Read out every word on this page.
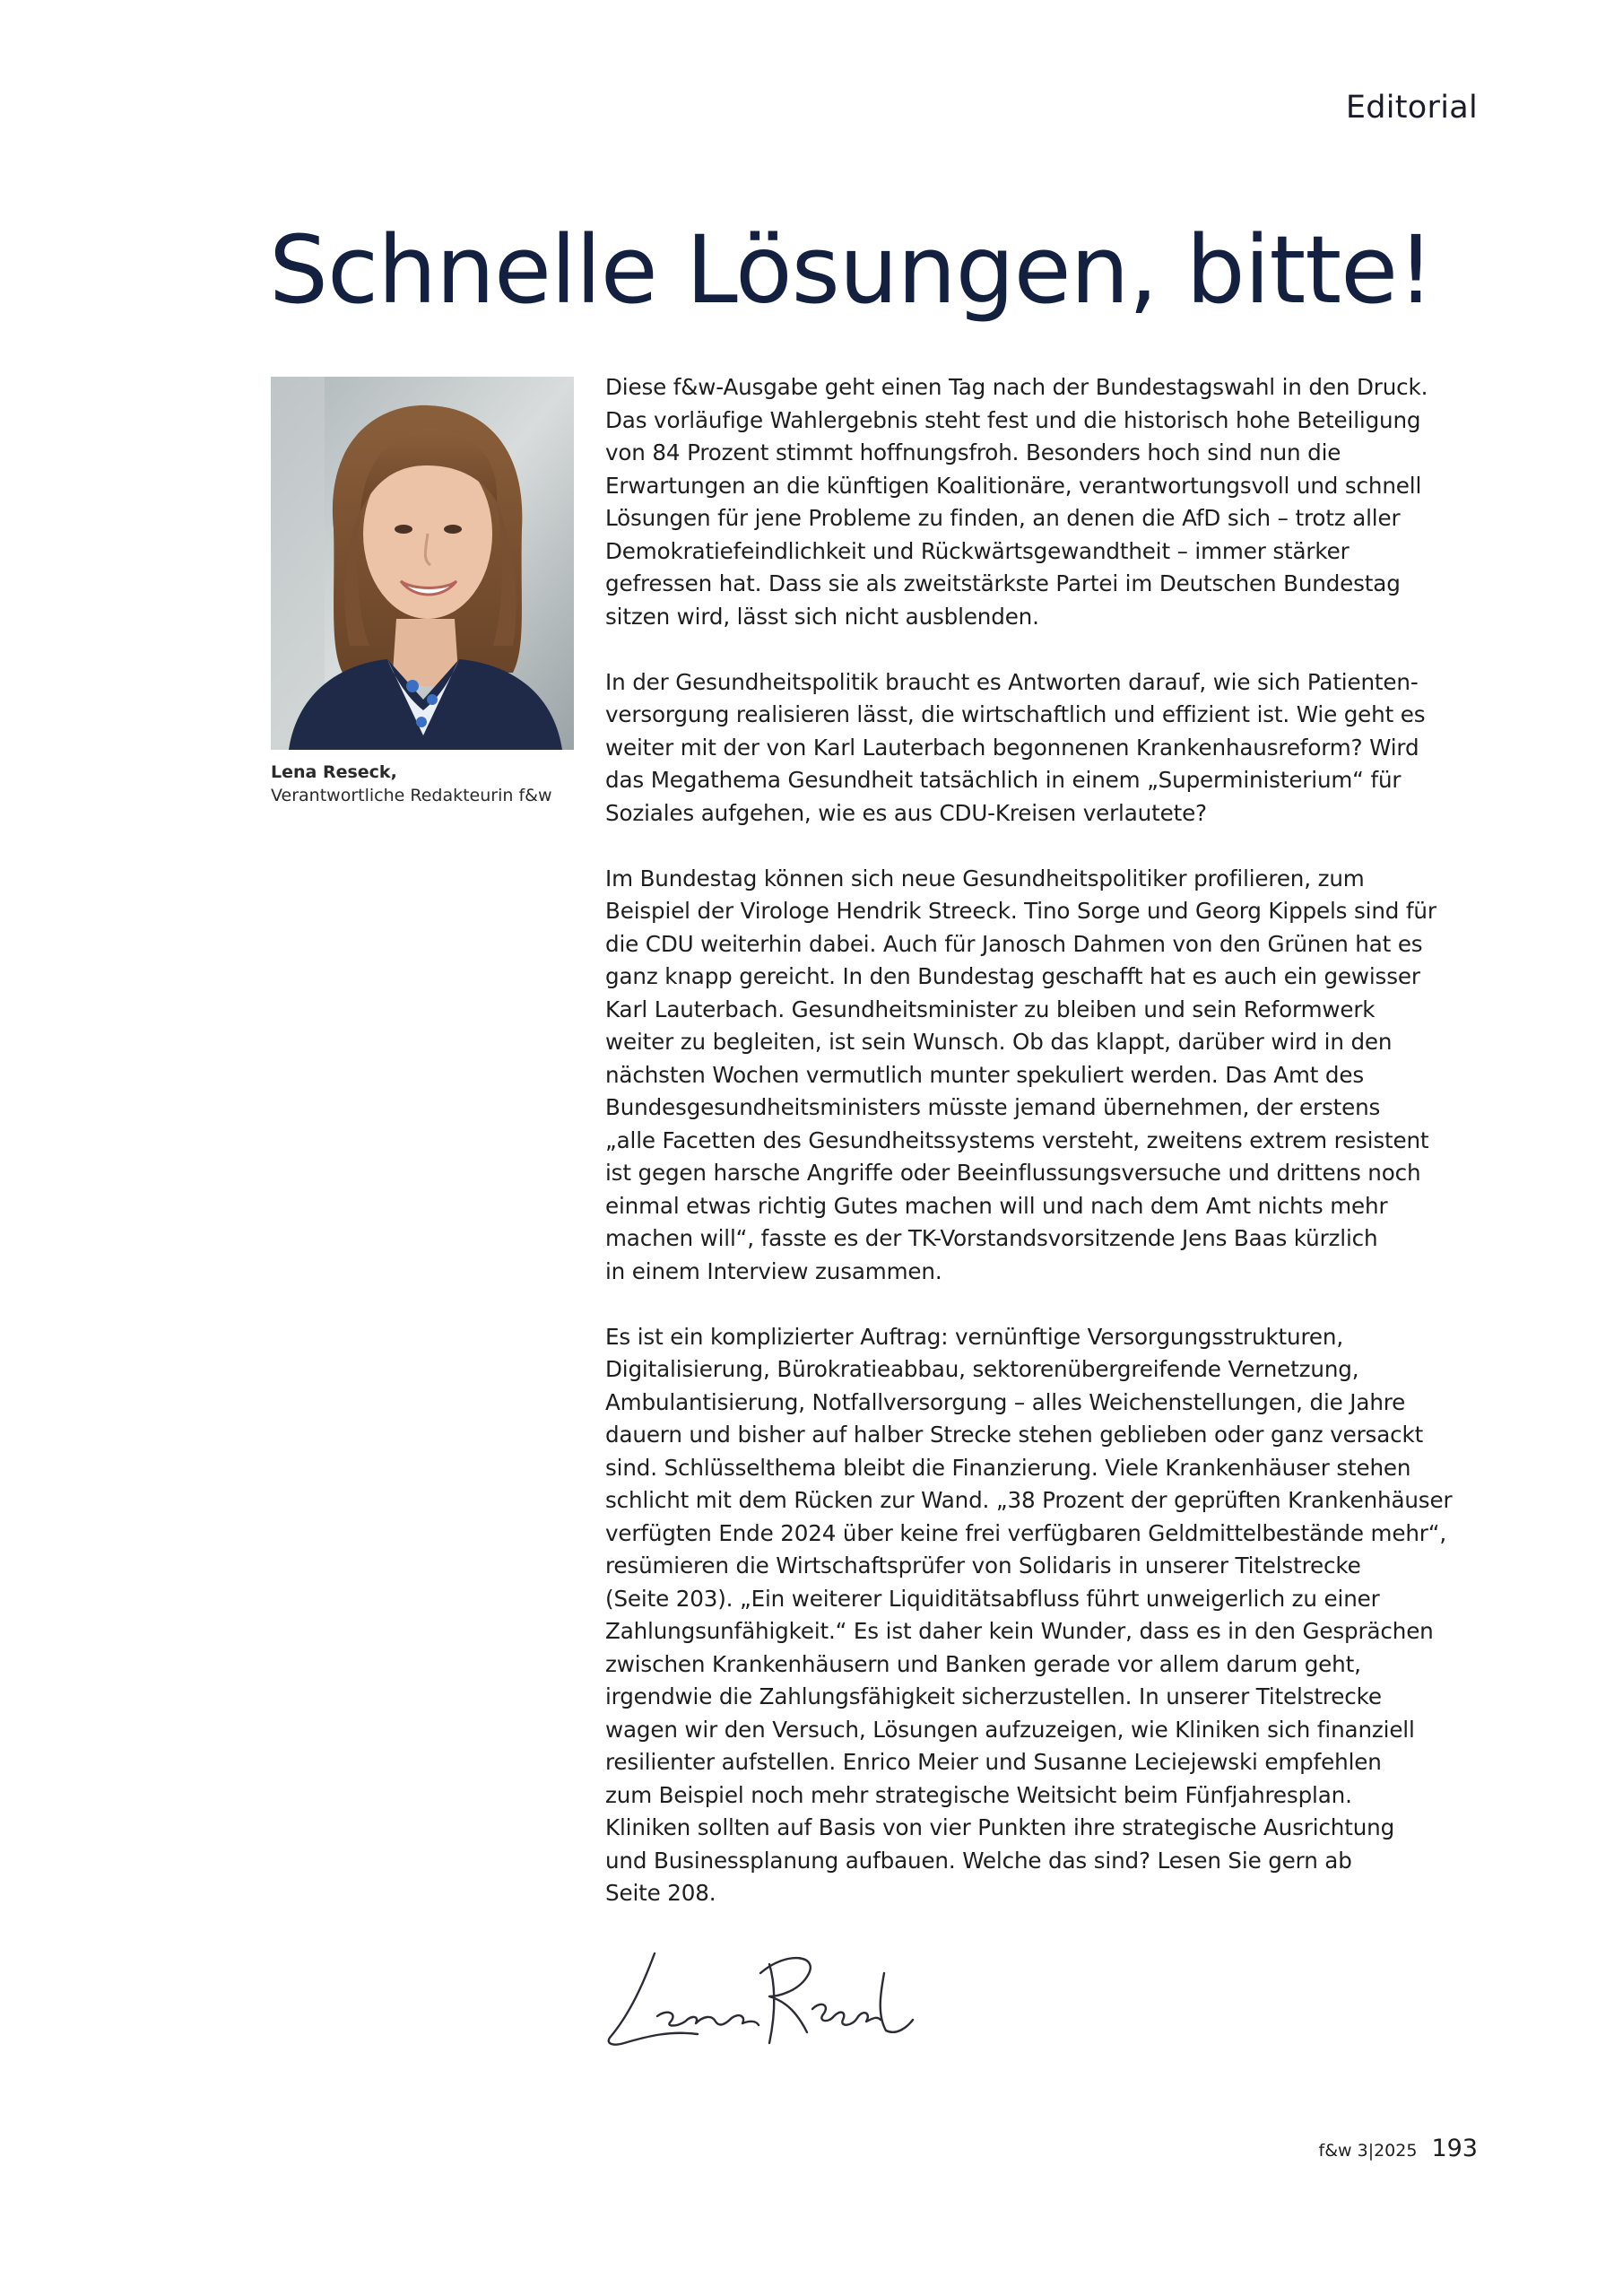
Editorial
Schnelle Lösungen, bitte!
Lena Reseck,
Verantwortliche Redakteurin f&w

Diese f&w-Ausgabe geht einen Tag nach der Bundestagswahl in den Druck.
Das vorläufige Wahlergebnis steht fest und die historisch hohe Beteiligung
von 84 Prozent stimmt hoffnungsfroh. Besonders hoch sind nun die
Erwartungen an die künftigen Koalitionäre, verantwortungsvoll und schnell
Lösungen für jene Probleme zu finden, an denen die AfD sich – trotz aller
Demokratiefeindlichkeit und Rückwärtsgewandtheit – immer stärker
gefressen hat. Dass sie als zweitstärkste Partei im Deutschen Bundestag
sitzen wird, lässt sich nicht ausblenden.

In der Gesundheitspolitik braucht es Antworten darauf, wie sich Patienten-
versorgung realisieren lässt, die wirtschaftlich und effizient ist. Wie geht es
weiter mit der von Karl Lauterbach begonnenen Krankenhausreform? Wird
das Megathema Gesundheit tatsächlich in einem „Superministerium“ für
Soziales aufgehen, wie es aus CDU-Kreisen verlautete?

Im Bundestag können sich neue Gesundheitspolitiker profilieren, zum
Beispiel der Virologe Hendrik Streeck. Tino Sorge und Georg Kippels sind für
die CDU weiterhin dabei. Auch für Janosch Dahmen von den Grünen hat es
ganz knapp gereicht. In den Bundestag geschafft hat es auch ein gewisser
Karl Lauterbach. Gesundheitsminister zu bleiben und sein Reformwerk
weiter zu begleiten, ist sein Wunsch. Ob das klappt, darüber wird in den
nächsten Wochen vermutlich munter spekuliert werden. Das Amt des
Bundesgesundheitsministers müsste jemand übernehmen, der erstens
„alle Facetten des Gesundheitssystems versteht, zweitens extrem resistent
ist gegen harsche Angriffe oder Beeinflussungsversuche und drittens noch
einmal etwas richtig Gutes machen will und nach dem Amt nichts mehr
machen will“, fasste es der TK-Vorstandsvorsitzende Jens Baas kürzlich
in einem Interview zusammen.

Es ist ein komplizierter Auftrag: vernünftige Versorgungsstrukturen,
Digitalisierung, Bürokratieabbau, sektorenübergreifende Vernetzung,
Ambulantisierung, Notfallversorgung – alles Weichenstellungen, die Jahre
dauern und bisher auf halber Strecke stehen geblieben oder ganz versackt
sind. Schlüsselthema bleibt die Finanzierung. Viele Krankenhäuser stehen
schlicht mit dem Rücken zur Wand. „38 Prozent der geprüften Krankenhäuser
verfügten Ende 2024 über keine frei verfügbaren Geldmittelbestände mehr“,
resümieren die Wirtschaftsprüfer von Solidaris in unserer Titelstrecke
(Seite 203). „Ein weiterer Liquiditätsabfluss führt unweigerlich zu einer
Zahlungsunfähigkeit.“ Es ist daher kein Wunder, dass es in den Gesprächen
zwischen Krankenhäusern und Banken gerade vor allem darum geht,
irgendwie die Zahlungsfähigkeit sicherzustellen. In unserer Titelstrecke
wagen wir den Versuch, Lösungen aufzuzeigen, wie Kliniken sich finanziell
resilienter aufstellen. Enrico Meier und Susanne Leciejewski empfehlen
zum Beispiel noch mehr strategische Weitsicht beim Fünfjahresplan.
Kliniken sollten auf Basis von vier Punkten ihre strategische Ausrichtung
und Businessplanung aufbauen. Welche das sind? Lesen Sie gern ab
Seite 208.

f&w 3|2025 193
